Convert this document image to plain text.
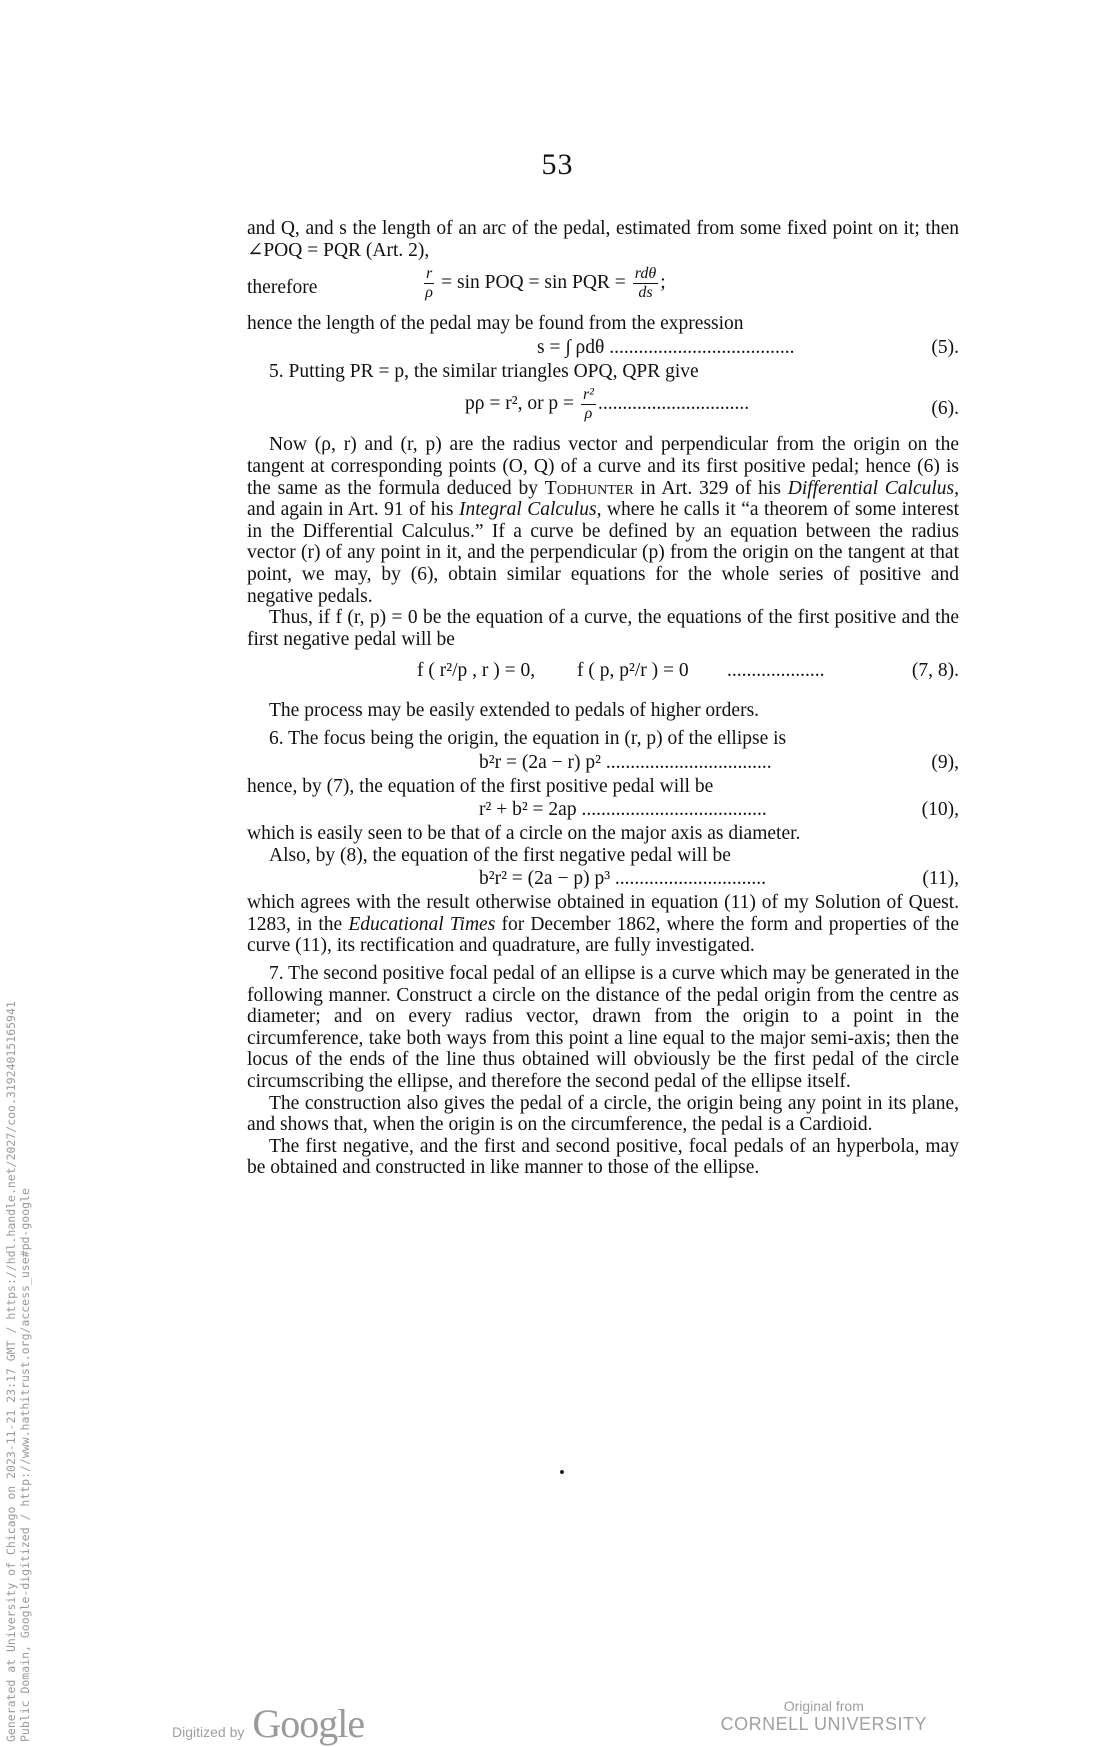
53

and Q, and s the length of an arc of the pedal, estimated from some fixed point on it; then ∠POQ = PQR (Art. 2),

therefore	$\frac{r}{\rho} = \sin$ POQ = sin PQR = $\frac{\text{rdθ}}{ds}$ ;

hence the length of the pedal may be found from the expression

s = ∫ ρdθ ......................................	(5).

5. Putting PR = p, the similar triangles OPQ, QPR give

pρ = r², or $p = \frac{\text{r²}}{\rho}$ ...............................	(6).

Now (ρ, r) and (r, p) are the radius vector and perpendicular from the origin on the tangent at corresponding points (O, Q) of a curve and its first positive pedal; hence (6) is the same as the formula deduced by Todhunter in Art. 329 of his Differential Calculus, and again in Art. 91 of his Integral Calculus, where he calls it “a theorem of some interest in the Differential Calculus.” If a curve be defined by an equation between the radius vector (r) of any point in it, and the perpendicular (p) from the origin on the tangent at that point, we may, by (6), obtain similar equations for the whole series of positive and negative pedals.

Thus, if f (r, p) = 0 be the equation of a curve, the equations of the first positive and the first negative pedal will be

f ( r²/p , r ) = 0, f ( p, p²/r ) = 0 ....................	(7, 8).

The process may be easily extended to pedals of higher orders.

6. The focus being the origin, the equation in (r, p) of the ellipse is

b²r = (2a − r) p² ..................................	(9),

hence, by (7), the equation of the first positive pedal will be

r² + b² = 2ap ......................................	(10),

which is easily seen to be that of a circle on the major axis as diameter.

Also, by (8), the equation of the first negative pedal will be

b²r² = (2a − p) p³ ...............................	(11),

which agrees with the result otherwise obtained in equation (11) of my Solution of Quest. 1283, in the Educational Times for December 1862, where the form and properties of the curve (11), its rectification and quadrature, are fully investigated.

7. The second positive focal pedal of an ellipse is a curve which may be generated in the following manner. Construct a circle on the distance of the pedal origin from the centre as diameter; and on every radius vector, drawn from the origin to a point in the circumference, take both ways from this point a line equal to the major semi-axis; then the locus of the ends of the line thus obtained will obviously be the first pedal of the circle circumscribing the ellipse, and therefore the second pedal of the ellipse itself.

The construction also gives the pedal of a circle, the origin being any point in its plane, and shows that, when the origin is on the circumference, the pedal is a Cardioid.

The first negative, and the first and second positive, focal pedals of an hyperbola, may be obtained and constructed in like manner to those of the ellipse.

Generated at University of Chicago on 2023-11-21 23:17 GMT / https://hdl.handle.net/2027/coo.31924015165941 Public Domain, Google-digitized / http://www.hathitrust.org/access_use#pd-google	Digitized by Google	Original from
CORNELL UNIVERSITY
